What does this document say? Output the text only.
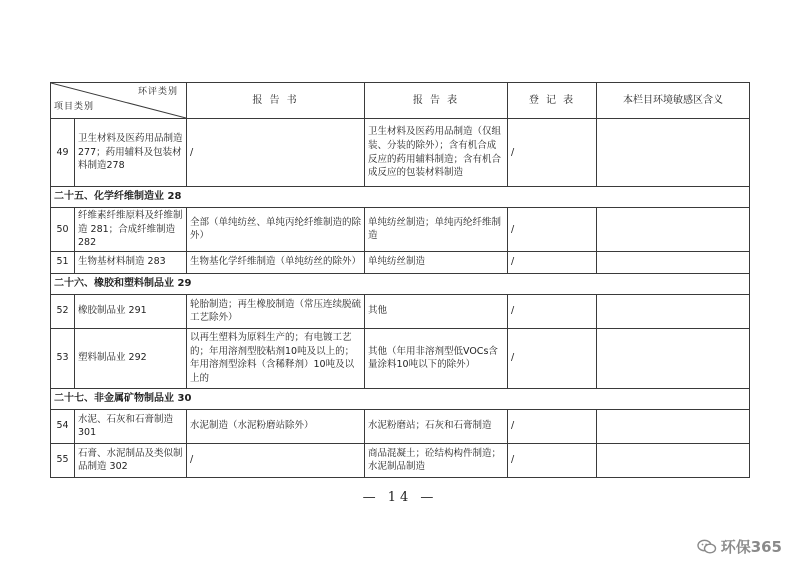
环评类别
项目类别		报 告 书	报 告 表	登 记 表	本栏目环境敏感区含义
49	卫生材料及医药用品制造 277；药用辅料及包装材料制造278	/	卫生材料及医药用品制造（仅组装、分装的除外）；含有机合成反应的药用辅料制造；含有机合成反应的包装材料制造	/	
二十五、化学纤维制造业 28					
50	纤维素纤维原料及纤维制造 281；合成纤维制造 282	全部（单纯纺丝、单纯丙纶纤维制造的除外）	单纯纺丝制造；单纯丙纶纤维制造	/	
51	生物基材料制造 283	生物基化学纤维制造（单纯纺丝的除外）	单纯纺丝制造	/	
二十六、橡胶和塑料制品业 29					
52	橡胶制品业 291	轮胎制造；再生橡胶制造（常压连续脱硫工艺除外）	其他	/	
53	塑料制品业 292	以再生塑料为原料生产的；有电镀工艺的；年用溶剂型胶粘剂10吨及以上的；年用溶剂型涂料（含稀释剂）10吨及以上的	其他（年用非溶剂型低VOCs含量涂料10吨以下的除外）	/	
二十七、非金属矿物制品业 30					
54	水泥、石灰和石膏制造 301	水泥制造（水泥粉磨站除外）	水泥粉磨站；石灰和石膏制造	/	
55	石膏、水泥制品及类似制品制造 302	/	商品混凝土；砼结构构件制造；水泥制品制造	/	
— 14 —
环保365
